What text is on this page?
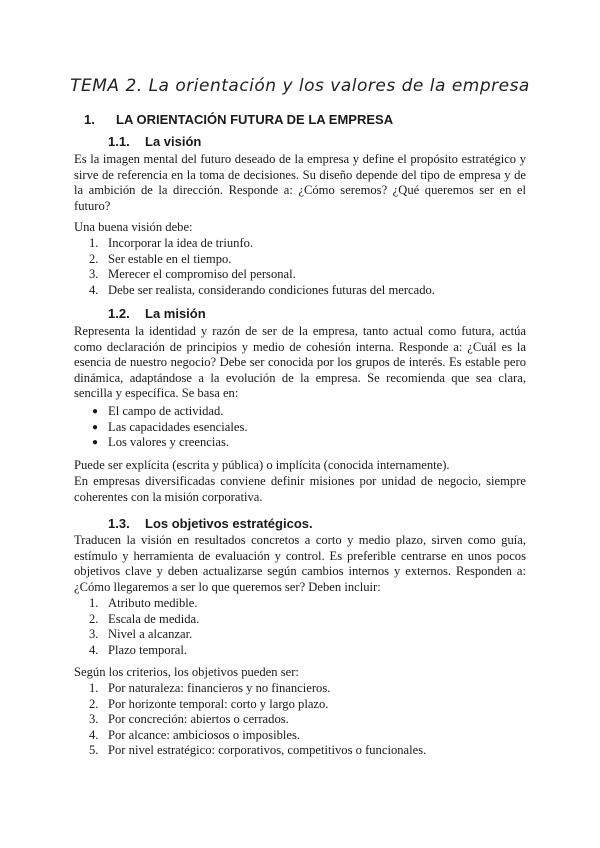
TEMA 2. La orientación y los valores de la empresa
1. LA ORIENTACIÓN FUTURA DE LA EMPRESA
1.1. La visión
Es la imagen mental del futuro deseado de la empresa y define el propósito estratégico y sirve de referencia en la toma de decisiones. Su diseño depende del tipo de empresa y de la ambición de la dirección. Responde a: ¿Cómo seremos? ¿Qué queremos ser en el futuro?
Una buena visión debe:
1. Incorporar la idea de triunfo.
2. Ser estable en el tiempo.
3. Merecer el compromiso del personal.
4. Debe ser realista, considerando condiciones futuras del mercado.
1.2. La misión
Representa la identidad y razón de ser de la empresa, tanto actual como futura, actúa como declaración de principios y medio de cohesión interna. Responde a: ¿Cuál es la esencia de nuestro negocio? Debe ser conocida por los grupos de interés. Es estable pero dinámica, adaptándose a la evolución de la empresa. Se recomienda que sea clara, sencilla y específica. Se basa en:
● El campo de actividad.
● Las capacidades esenciales.
● Los valores y creencias.
Puede ser explícita (escrita y pública) o implícita (conocida internamente).
En empresas diversificadas conviene definir misiones por unidad de negocio, siempre coherentes con la misión corporativa.
1.3. Los objetivos estratégicos.
Traducen la visión en resultados concretos a corto y medio plazo, sirven como guía, estímulo y herramienta de evaluación y control. Es preferible centrarse en unos pocos objetivos clave y deben actualizarse según cambios internos y externos. Responden a: ¿Cómo llegaremos a ser lo que queremos ser? Deben incluir:
1. Atributo medible.
2. Escala de medida.
3. Nivel a alcanzar.
4. Plazo temporal.
Según los criterios, los objetivos pueden ser:
1. Por naturaleza: financieros y no financieros.
2. Por horizonte temporal: corto y largo plazo.
3. Por concreción: abiertos o cerrados.
4. Por alcance: ambiciosos o imposibles.
5. Por nivel estratégico: corporativos, competitivos o funcionales.
